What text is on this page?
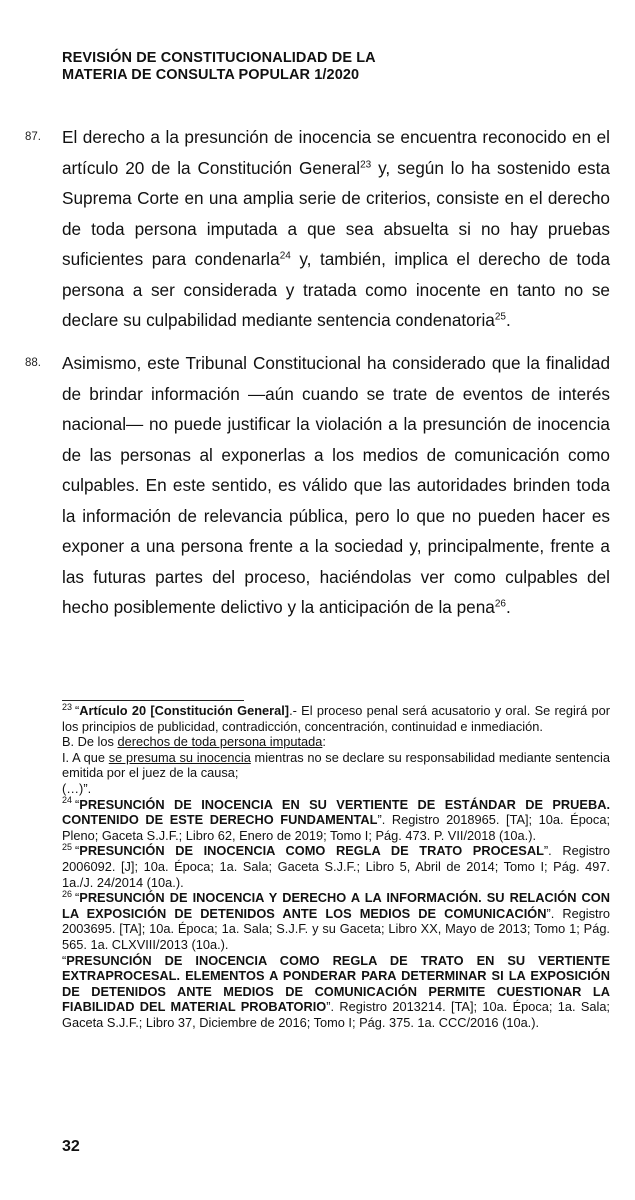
REVISIÓN DE CONSTITUCIONALIDAD DE LA
MATERIA DE CONSULTA POPULAR 1/2020
87. El derecho a la presunción de inocencia se encuentra reconocido en el artículo 20 de la Constitución General$^{23}$ y, según lo ha sostenido esta Suprema Corte en una amplia serie de criterios, consiste en el derecho de toda persona imputada a que sea absuelta si no hay pruebas suficientes para condenarla$^{24}$ y, también, implica el derecho de toda persona a ser considerada y tratada como inocente en tanto no se declare su culpabilidad mediante sentencia condenatoria$^{25}$.
88. Asimismo, este Tribunal Constitucional ha considerado que la finalidad de brindar información —aún cuando se trate de eventos de interés nacional— no puede justificar la violación a la presunción de inocencia de las personas al exponerlas a los medios de comunicación como culpables. En este sentido, es válido que las autoridades brinden toda la información de relevancia pública, pero lo que no pueden hacer es exponer a una persona frente a la sociedad y, principalmente, frente a las futuras partes del proceso, haciéndolas ver como culpables del hecho posiblemente delictivo y la anticipación de la pena$^{26}$.

$^{23}$ “Artículo 20 [Constitución General].- El proceso penal será acusatorio y oral. Se regirá por los principios de publicidad, contradicción, concentración, continuidad e inmediación.

B. De los derechos de toda persona imputada:

I. A que se presuma su inocencia mientras no se declare su responsabilidad mediante sentencia emitida por el juez de la causa;

(…)”.

$^{24}$ “PRESUNCIÓN DE INOCENCIA EN SU VERTIENTE DE ESTÁNDAR DE PRUEBA. CONTENIDO DE ESTE DERECHO FUNDAMENTAL”. Registro 2018965. [TA]; 10a. Época; Pleno; Gaceta S.J.F.; Libro 62, Enero de 2019; Tomo I; Pág. 473. P. VII/2018 (10a.).

$^{25}$ “PRESUNCIÓN DE INOCENCIA COMO REGLA DE TRATO PROCESAL”. Registro 2006092. [J]; 10a. Época; 1a. Sala; Gaceta S.J.F.; Libro 5, Abril de 2014; Tomo I; Pág. 497. 1a./J. 24/2014 (10a.).

$^{26}$ “PRESUNCIÓN DE INOCENCIA Y DERECHO A LA INFORMACIÓN. SU RELACIÓN CON LA EXPOSICIÓN DE DETENIDOS ANTE LOS MEDIOS DE COMUNICACIÓN”. Registro 2003695. [TA]; 10a. Época; 1a. Sala; S.J.F. y su Gaceta; Libro XX, Mayo de 2013; Tomo 1; Pág. 565. 1a. CLXVIII/2013 (10a.).

“PRESUNCIÓN DE INOCENCIA COMO REGLA DE TRATO EN SU VERTIENTE EXTRAPROCESAL. ELEMENTOS A PONDERAR PARA DETERMINAR SI LA EXPOSICIÓN DE DETENIDOS ANTE MEDIOS DE COMUNICACIÓN PERMITE CUESTIONAR LA FIABILIDAD DEL MATERIAL PROBATORIO”. Registro 2013214. [TA]; 10a. Época; 1a. Sala; Gaceta S.J.F.; Libro 37, Diciembre de 2016; Tomo I; Pág. 375. 1a. CCC/2016 (10a.).

32
